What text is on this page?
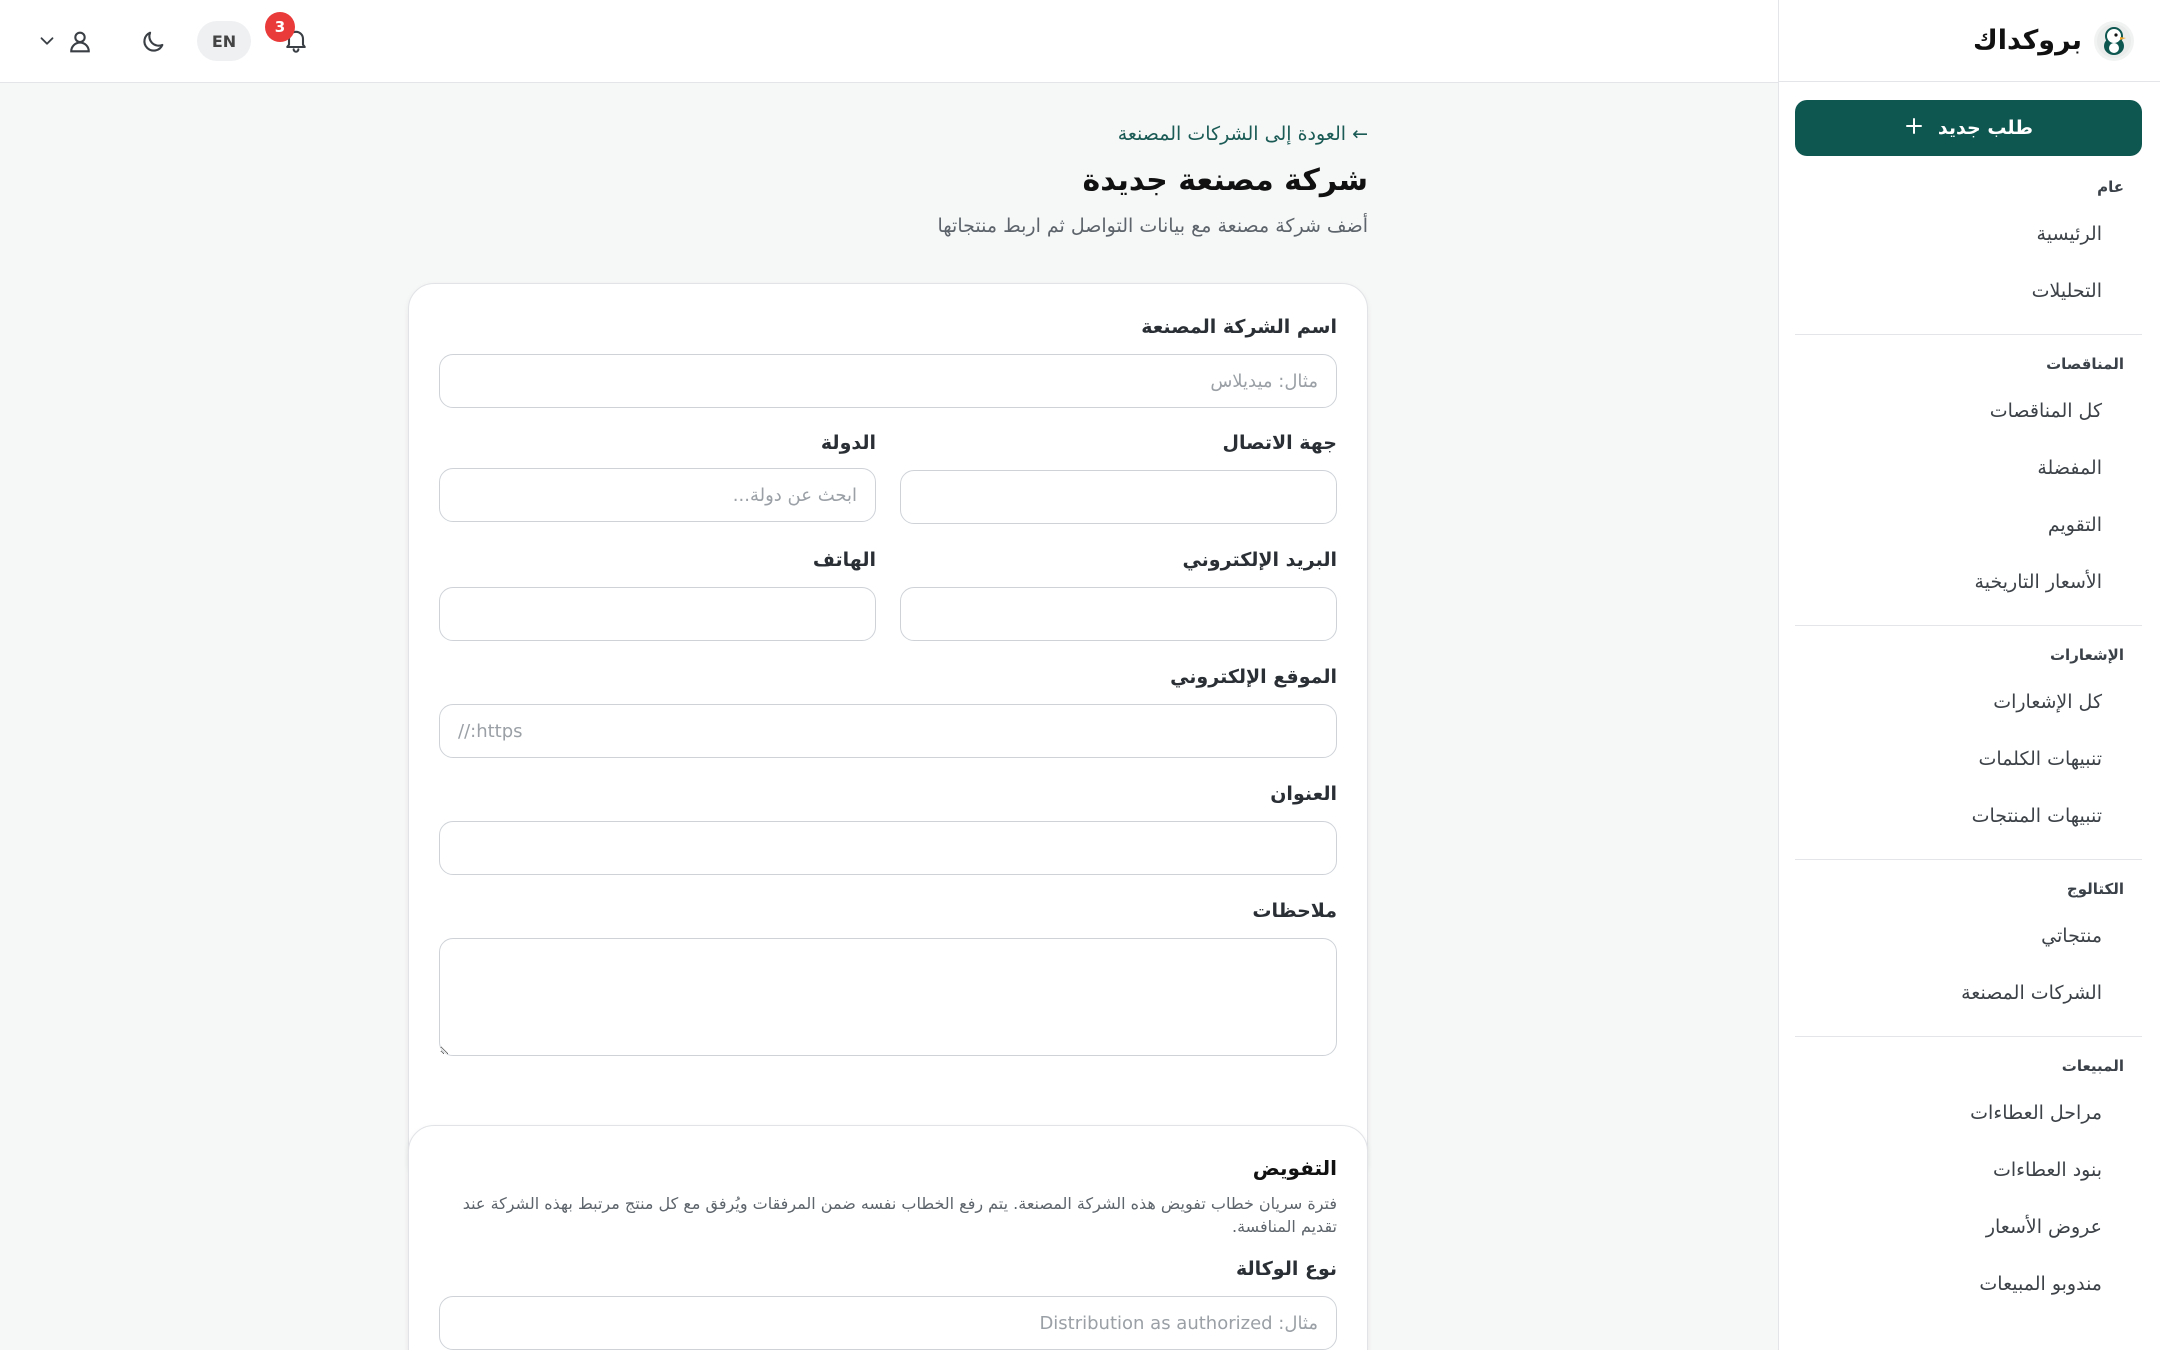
بروكداك
طلب جديد
عام
الرئيسية
التحليلات
المناقصات
كل المناقصات
المفضلة
التقويم
الأسعار التاريخية
الإشعارات
كل الإشعارات
تنبيهات الكلمات
تنبيهات المنتجات
الكتالوج
منتجاتي
الشركات المصنعة
المبيعات
مراحل العطاءات
بنود العطاءات
عروض الأسعار
مندوبو المبيعات
3
EN
← العودة إلى الشركات المصنعة
شركة مصنعة جديدة

أضف شركة مصنعة مع بيانات التواصل ثم اربط منتجاتها

اسم الشركة المصنعة
مثال: ميديلاس
جهة الاتصال
الدولة
ابحث عن دولة...
البريد الإلكتروني
الهاتف
الموقع الإلكتروني
https://
العنوان
ملاحظات
التفويض

فترة سريان خطاب تفويض هذه الشركة المصنعة. يتم رفع الخطاب نفسه ضمن المرفقات ويُرفق مع كل منتج مرتبط بهذه الشركة عند تقديم المنافسة.

نوع الوكالة
مثال: Distribution as authorized
